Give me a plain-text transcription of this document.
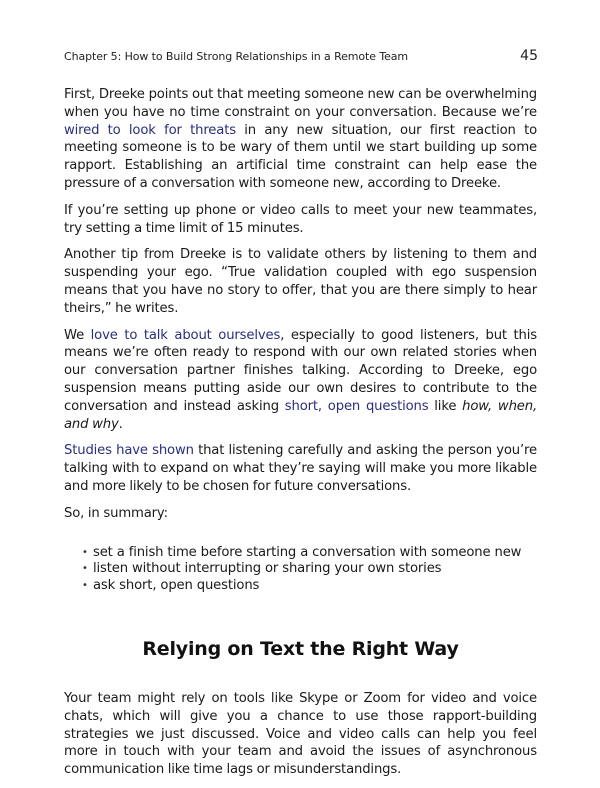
Chapter 5: How to Build Strong Relationships in a Remote Team	45

First, Dreeke points out that meeting someone new can be overwhelming when you have no time constraint on your conversation. Because we’re wired to look for threats in any new situation, our first reaction to meeting someone is to be wary of them until we start building up some rapport. Establishing an artificial time constraint can help ease the pressure of a conversation with someone new, according to Dreeke.

If you’re setting up phone or video calls to meet your new teammates, try setting a time limit of 15 minutes.

Another tip from Dreeke is to validate others by listening to them and suspending your ego. “True validation coupled with ego suspension means that you have no story to offer, that you are there simply to hear theirs,” he writes.

We love to talk about ourselves, especially to good listeners, but this means we’re often ready to respond with our own related stories when our conversation partner finishes talking. According to Dreeke, ego suspension means putting aside our own desires to contribute to the conversation and instead asking short, open questions like how, when, and why.

Studies have shown that listening carefully and asking the person you’re talking with to expand on what they’re saying will make you more likable and more likely to be chosen for future conversations.

So, in summary:

• set a finish time before starting a conversation with someone new
• listen without interrupting or sharing your own stories
• ask short, open questions
Relying on Text the Right Way

Your team might rely on tools like Skype or Zoom for video and voice chats, which will give you a chance to use those rapport-building strategies we just discussed. Voice and video calls can help you feel more in touch with your team and avoid the issues of asynchronous communication like time lags or misunderstandings.
